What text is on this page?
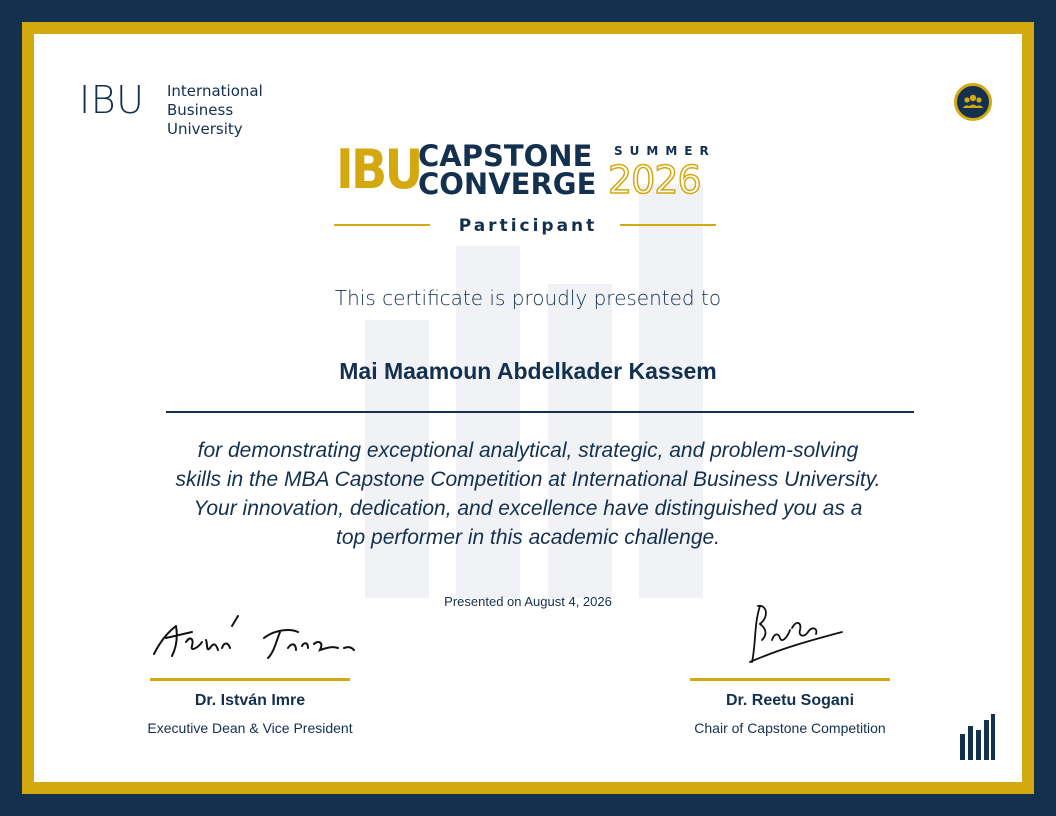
IBU International
Business
University
IBU
CAPSTONE
CONVERGE
SUMMER
2026
Participant
This certificate is proudly presented to
Mai Maamoun Abdelkader Kassem
for demonstrating exceptional analytical, strategic, and problem-solving
skills in the MBA Capstone Competition at International Business University.
Your innovation, dedication, and excellence have distinguished you as a
top performer in this academic challenge.
Presented on August 4, 2026
Dr. István Imre
Executive Dean & Vice President
Dr. Reetu Sogani
Chair of Capstone Competition
